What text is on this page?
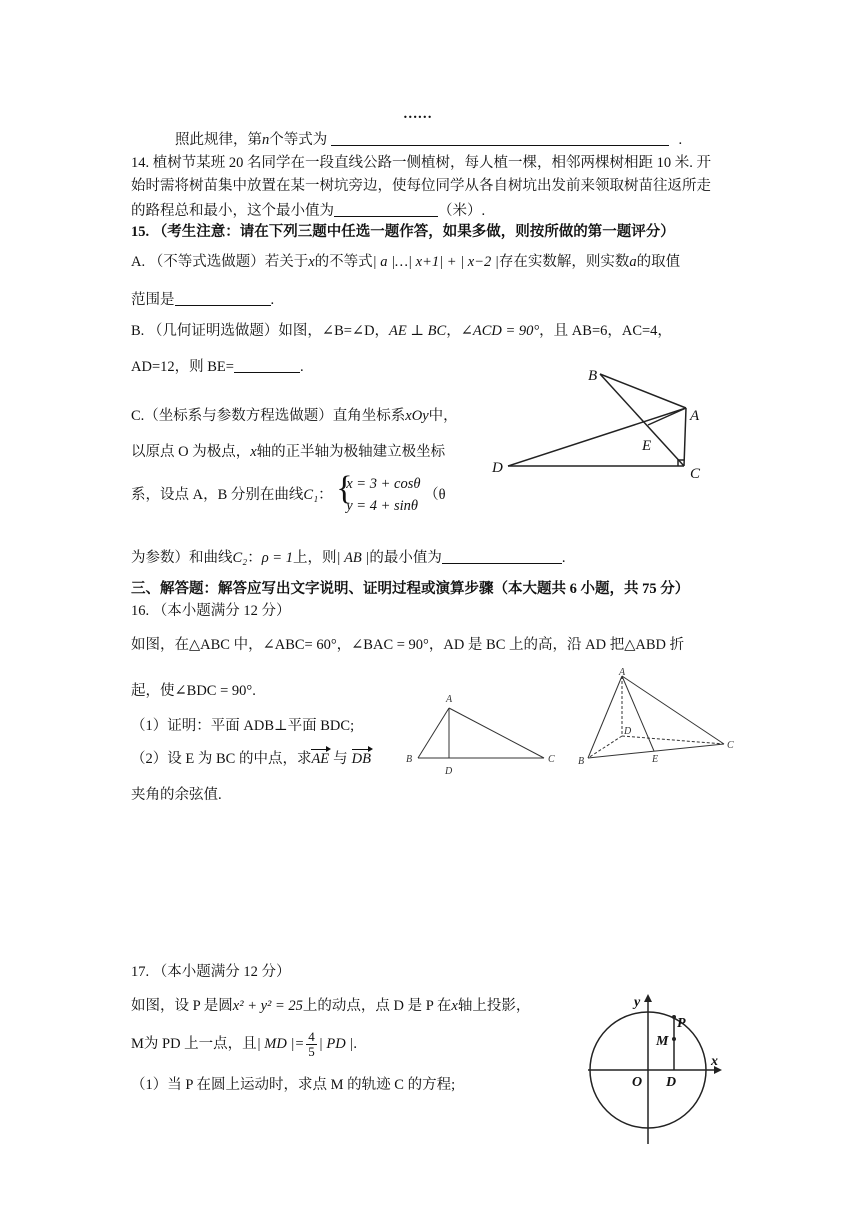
……
照此规律，第n个等式为	.
14. 植树节某班 20 名同学在一段直线公路一侧植树，每人植一棵，相邻两棵树相距 10 米. 开
始时需将树苗集中放置在某一树坑旁边，使每位同学从各自树坑出发前来领取树苗往返所走
的路程总和最小，这个最小值为	（米）.
15. （考生注意：请在下列三题中任选一题作答，如果多做，则按所做的第一题评分）
A. （不等式选做题）若关于x的不等式| a |…| x+1| + | x−2 |存在实数解，则实数a的取值
范围是	.
B. （几何证明选做题）如图，∠B=∠D，AE ⊥ BC，∠ACD = 90°，且 AB=6，AC=4，
AD=12，则 BE=	.
B
A
E
D	C
C.（坐标系与参数方程选做题）直角坐标系xOy中，
以原点 O 为极点，x轴的正半轴为极轴建立极坐标
系，设点 A，B 分别在曲线C₁： {
x = 3 + cosθ
y = 4 + sinθ
（θ
为参数）和曲线C₂：ρ = 1上，则| AB |的最小值为	.
三、解答题：解答应写出文字说明、证明过程或演算步骤（本大题共 6 小题，共 75 分）
16. （本小题满分 12 分）
如图，在△ABC 中，∠ABC= 60°，∠BAC = 90°，AD 是 BC 上的高，沿 AD 把△ABD 折
起，使∠BDC = 90°.
（1）证明：平面 ADB⊥平面 BDC;
（2）设 E 为 BC 的中点，求AE 与 DB
夹角的余弦值.
A
B
D
C
A
D
B	E
C
17. （本小题满分 12 分）
如图，设 P 是圆x² + y² = 25上的动点，点 D 是 P 在x轴上投影，
M为 PD 上一点，且| MD |= $\frac{4}{5}$ | PD |.
（1）当 P 在圆上运动时，求点 M 的轨迹 C 的方程;
y
P
M
O D
x
